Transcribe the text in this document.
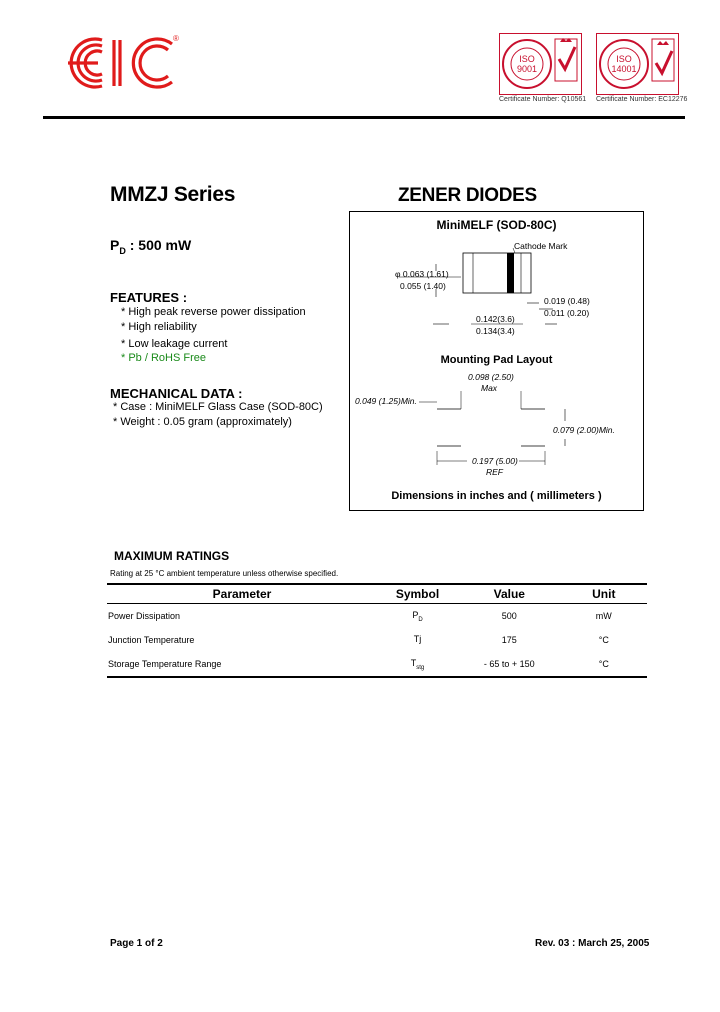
®
ISO
9001
Certificate Number: Q10561
ISO
14001
Certificate Number: EC12276
MMZJ Series	ZENER DIODES
$P_D$ : 500 mW
FEATURES :
* High peak reverse power dissipation
* High reliability
* Low leakage current
* Pb / RoHS Free
MECHANICAL DATA :
* Case : MiniMELF Glass Case (SOD-80C)
* Weight : 0.05 gram (approximately)
MiniMELF (SOD-80C)
Cathode Mark
φ 0.063 (1.61)
0.055 (1.40)
0.019 (0.48)
0.011 (0.20)
0.142(3.6)
0.134(3.4)
Mounting Pad Layout
0.098 (2.50)
Max
0.049 (1.25)Min.
0.079 (2.00)Min.
0.197 (5.00)
REF
Dimensions in inches and ( millimeters )
MAXIMUM RATINGS
Rating at 25 °C ambient temperature unless otherwise specified.

Parameter	Symbol	Value	Unit
Power Dissipation	$P_D$	500	mW
Junction Temperature	Tj	175	°C
Storage Temperature Range	$T_{stg}$	- 65 to + 150	°C

Page 1 of 2	Rev. 03 : March 25, 2005
